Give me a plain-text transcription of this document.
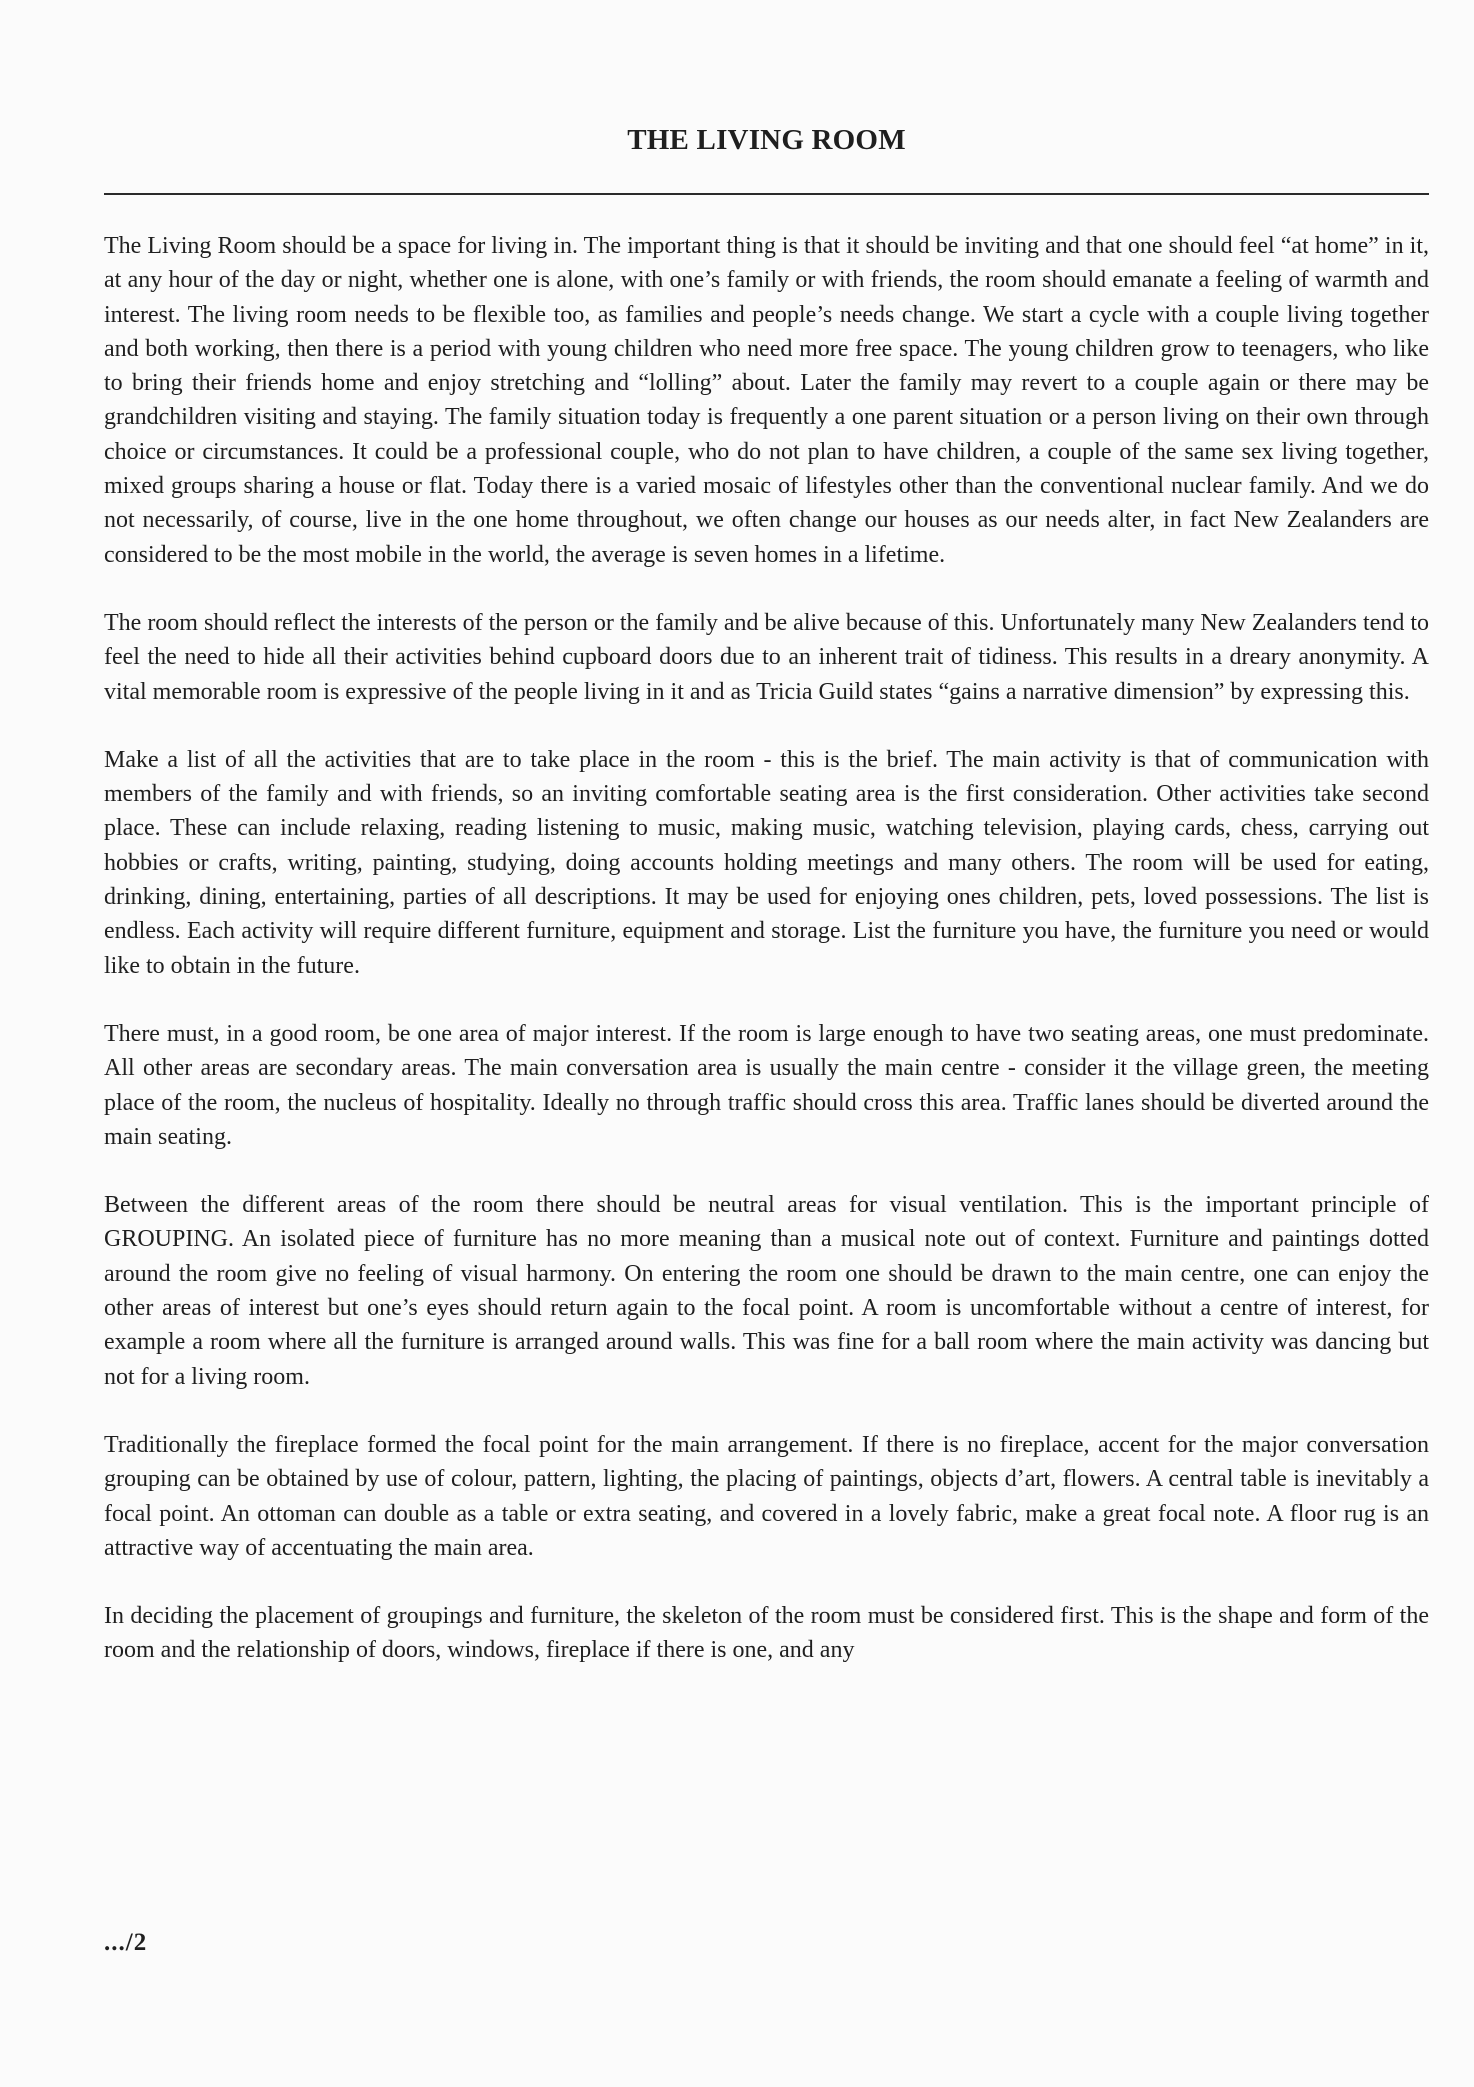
THE LIVING ROOM

The Living Room should be a space for living in. The important thing is that it should be inviting and that one should feel “at home” in it, at any hour of the day or night, whether one is alone, with one’s family or with friends, the room should emanate a feeling of warmth and interest. The living room needs to be flexible too, as families and people’s needs change. We start a cycle with a couple living together and both working, then there is a period with young children who need more free space. The young children grow to teenagers, who like to bring their friends home and enjoy stretching and “lolling” about. Later the family may revert to a couple again or there may be grandchildren visiting and staying. The family situation today is frequently a one parent situation or a person living on their own through choice or circumstances. It could be a professional couple, who do not plan to have children, a couple of the same sex living together, mixed groups sharing a house or flat. Today there is a varied mosaic of lifestyles other than the conventional nuclear family. And we do not necessarily, of course, live in the one home throughout, we often change our houses as our needs alter, in fact New Zealanders are considered to be the most mobile in the world, the average is seven homes in a lifetime.

The room should reflect the interests of the person or the family and be alive because of this. Unfortunately many New Zealanders tend to feel the need to hide all their activities behind cupboard doors due to an inherent trait of tidiness. This results in a dreary anonymity. A vital memorable room is expressive of the people living in it and as Tricia Guild states “gains a narrative dimension” by expressing this.

Make a list of all the activities that are to take place in the room - this is the brief. The main activity is that of communication with members of the family and with friends, so an inviting comfortable seating area is the first consideration. Other activities take second place. These can include relaxing, reading listening to music, making music, watching television, playing cards, chess, carrying out hobbies or crafts, writing, painting, studying, doing accounts holding meetings and many others. The room will be used for eating, drinking, dining, entertaining, parties of all descriptions. It may be used for enjoying ones children, pets, loved possessions. The list is endless. Each activity will require different furniture, equipment and storage. List the furniture you have, the furniture you need or would like to obtain in the future.

There must, in a good room, be one area of major interest. If the room is large enough to have two seating areas, one must predominate. All other areas are secondary areas. The main conversation area is usually the main centre - consider it the village green, the meeting place of the room, the nucleus of hospitality. Ideally no through traffic should cross this area. Traffic lanes should be diverted around the main seating.

Between the different areas of the room there should be neutral areas for visual ventilation. This is the important principle of GROUPING. An isolated piece of furniture has no more meaning than a musical note out of context. Furniture and paintings dotted around the room give no feeling of visual harmony. On entering the room one should be drawn to the main centre, one can enjoy the other areas of interest but one’s eyes should return again to the focal point. A room is uncomfortable without a centre of interest, for example a room where all the furniture is arranged around walls. This was fine for a ball room where the main activity was dancing but not for a living room.

Traditionally the fireplace formed the focal point for the main arrangement. If there is no fireplace, accent for the major conversation grouping can be obtained by use of colour, pattern, lighting, the placing of paintings, objects d’art, flowers. A central table is inevitably a focal point. An ottoman can double as a table or extra seating, and covered in a lovely fabric, make a great focal note. A floor rug is an attractive way of accentuating the main area.

In deciding the placement of groupings and furniture, the skeleton of the room must be considered first. This is the shape and form of the room and the relationship of doors, windows, fireplace if there is one, and any

.../2
